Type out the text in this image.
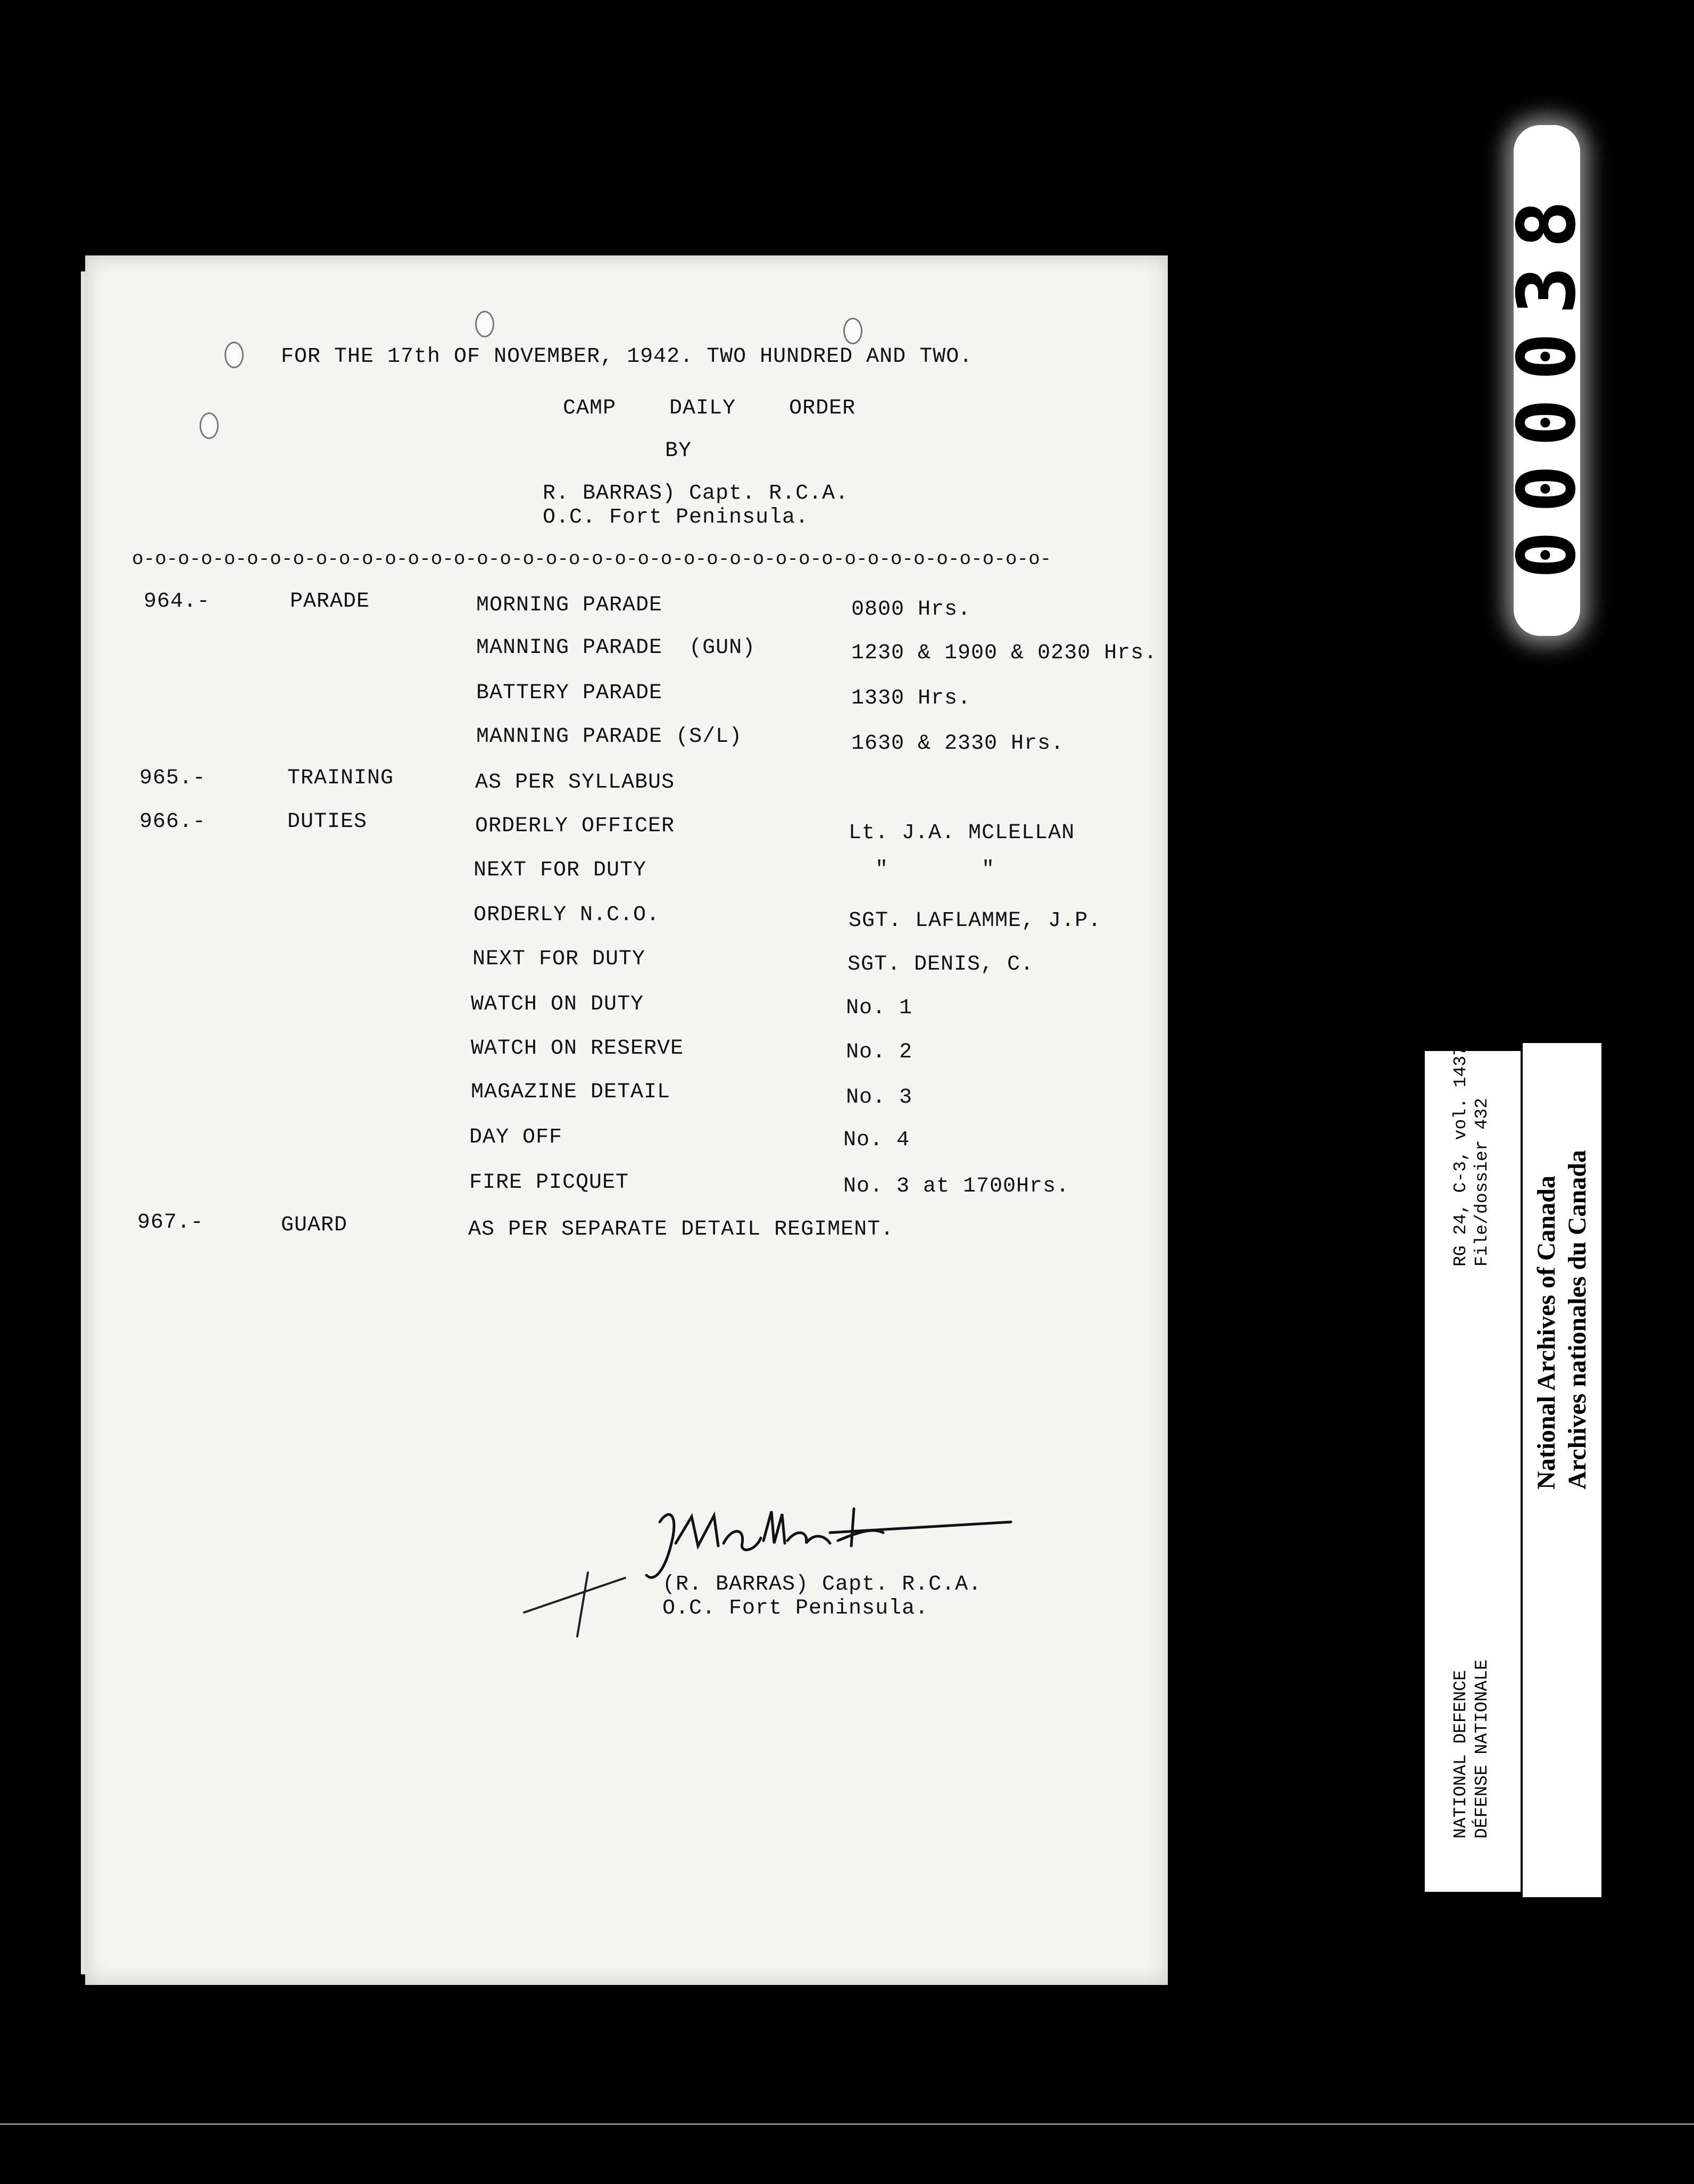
FOR THE 17th OF NOVEMBER, 1942. TWO HUNDRED AND TWO.
CAMP    DAILY    ORDER
BY
R. BARRAS) Capt. R.C.A.
O.C. Fort Peninsula.
o-o-o-o-o-o-o-o-o-o-o-o-o-o-o-o-o-o-o-o-o-o-o-o-o-o-o-o-o-o-o-o-o-o-o-o-o-o-o-o-
964.-	PARADE	MORNING PARADE	0800 Hrs.
MANNING PARADE  (GUN)	1230 & 1900 & 0230 Hrs.
BATTERY PARADE	1330 Hrs.
MANNING PARADE (S/L)	1630 & 2330 Hrs.
965.-	TRAINING	AS PER SYLLABUS
966.-	DUTIES	ORDERLY OFFICER	Lt. J.A. MCLELLAN
NEXT FOR DUTY	"       "
ORDERLY N.C.O.	SGT. LAFLAMME, J.P.
NEXT FOR DUTY	SGT. DENIS, C.
WATCH ON DUTY	No. 1
WATCH ON RESERVE	No. 2
MAGAZINE DETAIL	No. 3
DAY OFF	No. 4
FIRE PICQUET	No. 3 at 1700Hrs.
967.-	GUARD	AS PER SEPARATE DETAIL REGIMENT.
(R. BARRAS) Capt. R.C.A.
O.C. Fort Peninsula.
000038
RG 24, C-3, vol. 14374 File/dossier 432
NATIONAL DEFENCE DÉFENSE NATIONALE
National Archives of Canada Archives nationales du Canada
